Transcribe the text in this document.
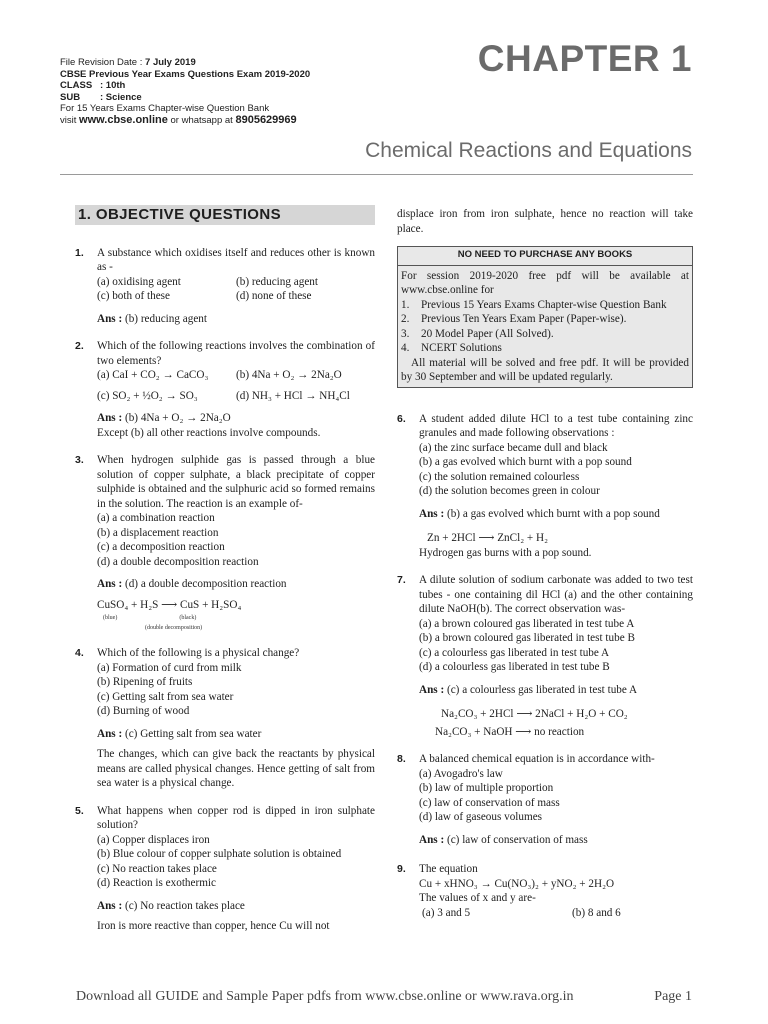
File Revision Date : 7 July 2019
CBSE Previous Year Exams Questions Exam 2019-2020
CLASS : 10th
SUB : Science
For 15 Years Exams Chapter-wise Question Bank
visit www.cbse.online or whatsapp at 8905629969
CHAPTER 1
Chemical Reactions and Equations
1. OBJECTIVE QUESTIONS
1. A substance which oxidises itself and reduces other is known as -
(a) oxidising agent	(b) reducing agent
(c) both of these	(d) none of these
Ans : (b) reducing agent
2. Which of the following reactions involves the combination of two elements?
(a) CaI + CO₂ → CaCO₃	(b) 4Na + O₂ → 2Na₂O
(c) SO₂ + ½O₂ → SO₃	(d) NH₃ + HCl → NH₄Cl
Ans : (b) 4Na + O₂ → 2Na₂O
Except (b) all other reactions involve compounds.
3. When hydrogen sulphide gas is passed through a blue solution of copper sulphate, a black precipitate of copper sulphide is obtained and the sulphuric acid so formed remains in the solution. The reaction is an example of-
(a) a combination reaction
(b) a displacement reaction
(c) a decomposition reaction
(d) a double decomposition reaction
Ans : (d) a double decomposition reaction
CuSO₄ + H₂S ⟶ CuS + H₂SO₄
(blue)	(black)
(double decomposition)
4. Which of the following is a physical change?
(a) Formation of curd from milk
(b) Ripening of fruits
(c) Getting salt from sea water
(d) Burning of wood
Ans : (c) Getting salt from sea water
The changes, which can give back the reactants by physical means are called physical changes. Hence getting of salt from sea water is a physical change.
5. What happens when copper rod is dipped in iron sulphate solution?
(a) Copper displaces iron
(b) Blue colour of copper sulphate solution is obtained
(c) No reaction takes place
(d) Reaction is exothermic
Ans : (c) No reaction takes place
Iron is more reactive than copper, hence Cu will not
displace iron from iron sulphate, hence no reaction will take place.
NO NEED TO PURCHASE ANY BOOKS
For session 2019-2020 free pdf will be available at www.cbse.online for
1.	Previous 15 Years Exams Chapter-wise Question Bank
2.	Previous Ten Years Exam Paper (Paper-wise).
3.	20 Model Paper (All Solved).
4.	NCERT Solutions
All material will be solved and free pdf. It will be provided by 30 September and will be updated regularly.
6. A student added dilute HCl to a test tube containing zinc granules and made following observations :
(a) the zinc surface became dull and black
(b) a gas evolved which burnt with a pop sound
(c) the solution remained colourless
(d) the solution becomes green in colour
Ans : (b) a gas evolved which burnt with a pop sound
Zn + 2HCl ⟶ ZnCl₂ + H₂
Hydrogen gas burns with a pop sound.
7. A dilute solution of sodium carbonate was added to two test tubes - one containing dil HCl (a) and the other containing dilute NaOH(b). The correct observation was-
(a) a brown coloured gas liberated in test tube A
(b) a brown coloured gas liberated in test tube B
(c) a colourless gas liberated in test tube A
(d) a colourless gas liberated in test tube B
Ans : (c) a colourless gas liberated in test tube A
Na₂CO₃ + 2HCl ⟶ 2NaCl + H₂O + CO₂
Na₂CO₃ + NaOH ⟶ no reaction
8. A balanced chemical equation is in accordance with-
(a) Avogadro's law
(b) law of multiple proportion
(c) law of conservation of mass
(d) law of gaseous volumes
Ans : (c) law of conservation of mass
9. The equation
Cu + xHNO₃ → Cu(NO₃)₂ + yNO₂ + 2H₂O
The values of x and y are-
(a) 3 and 5	(b) 8 and 6
Download all GUIDE and Sample Paper pdfs from www.cbse.online or www.rava.org.in	Page 1
